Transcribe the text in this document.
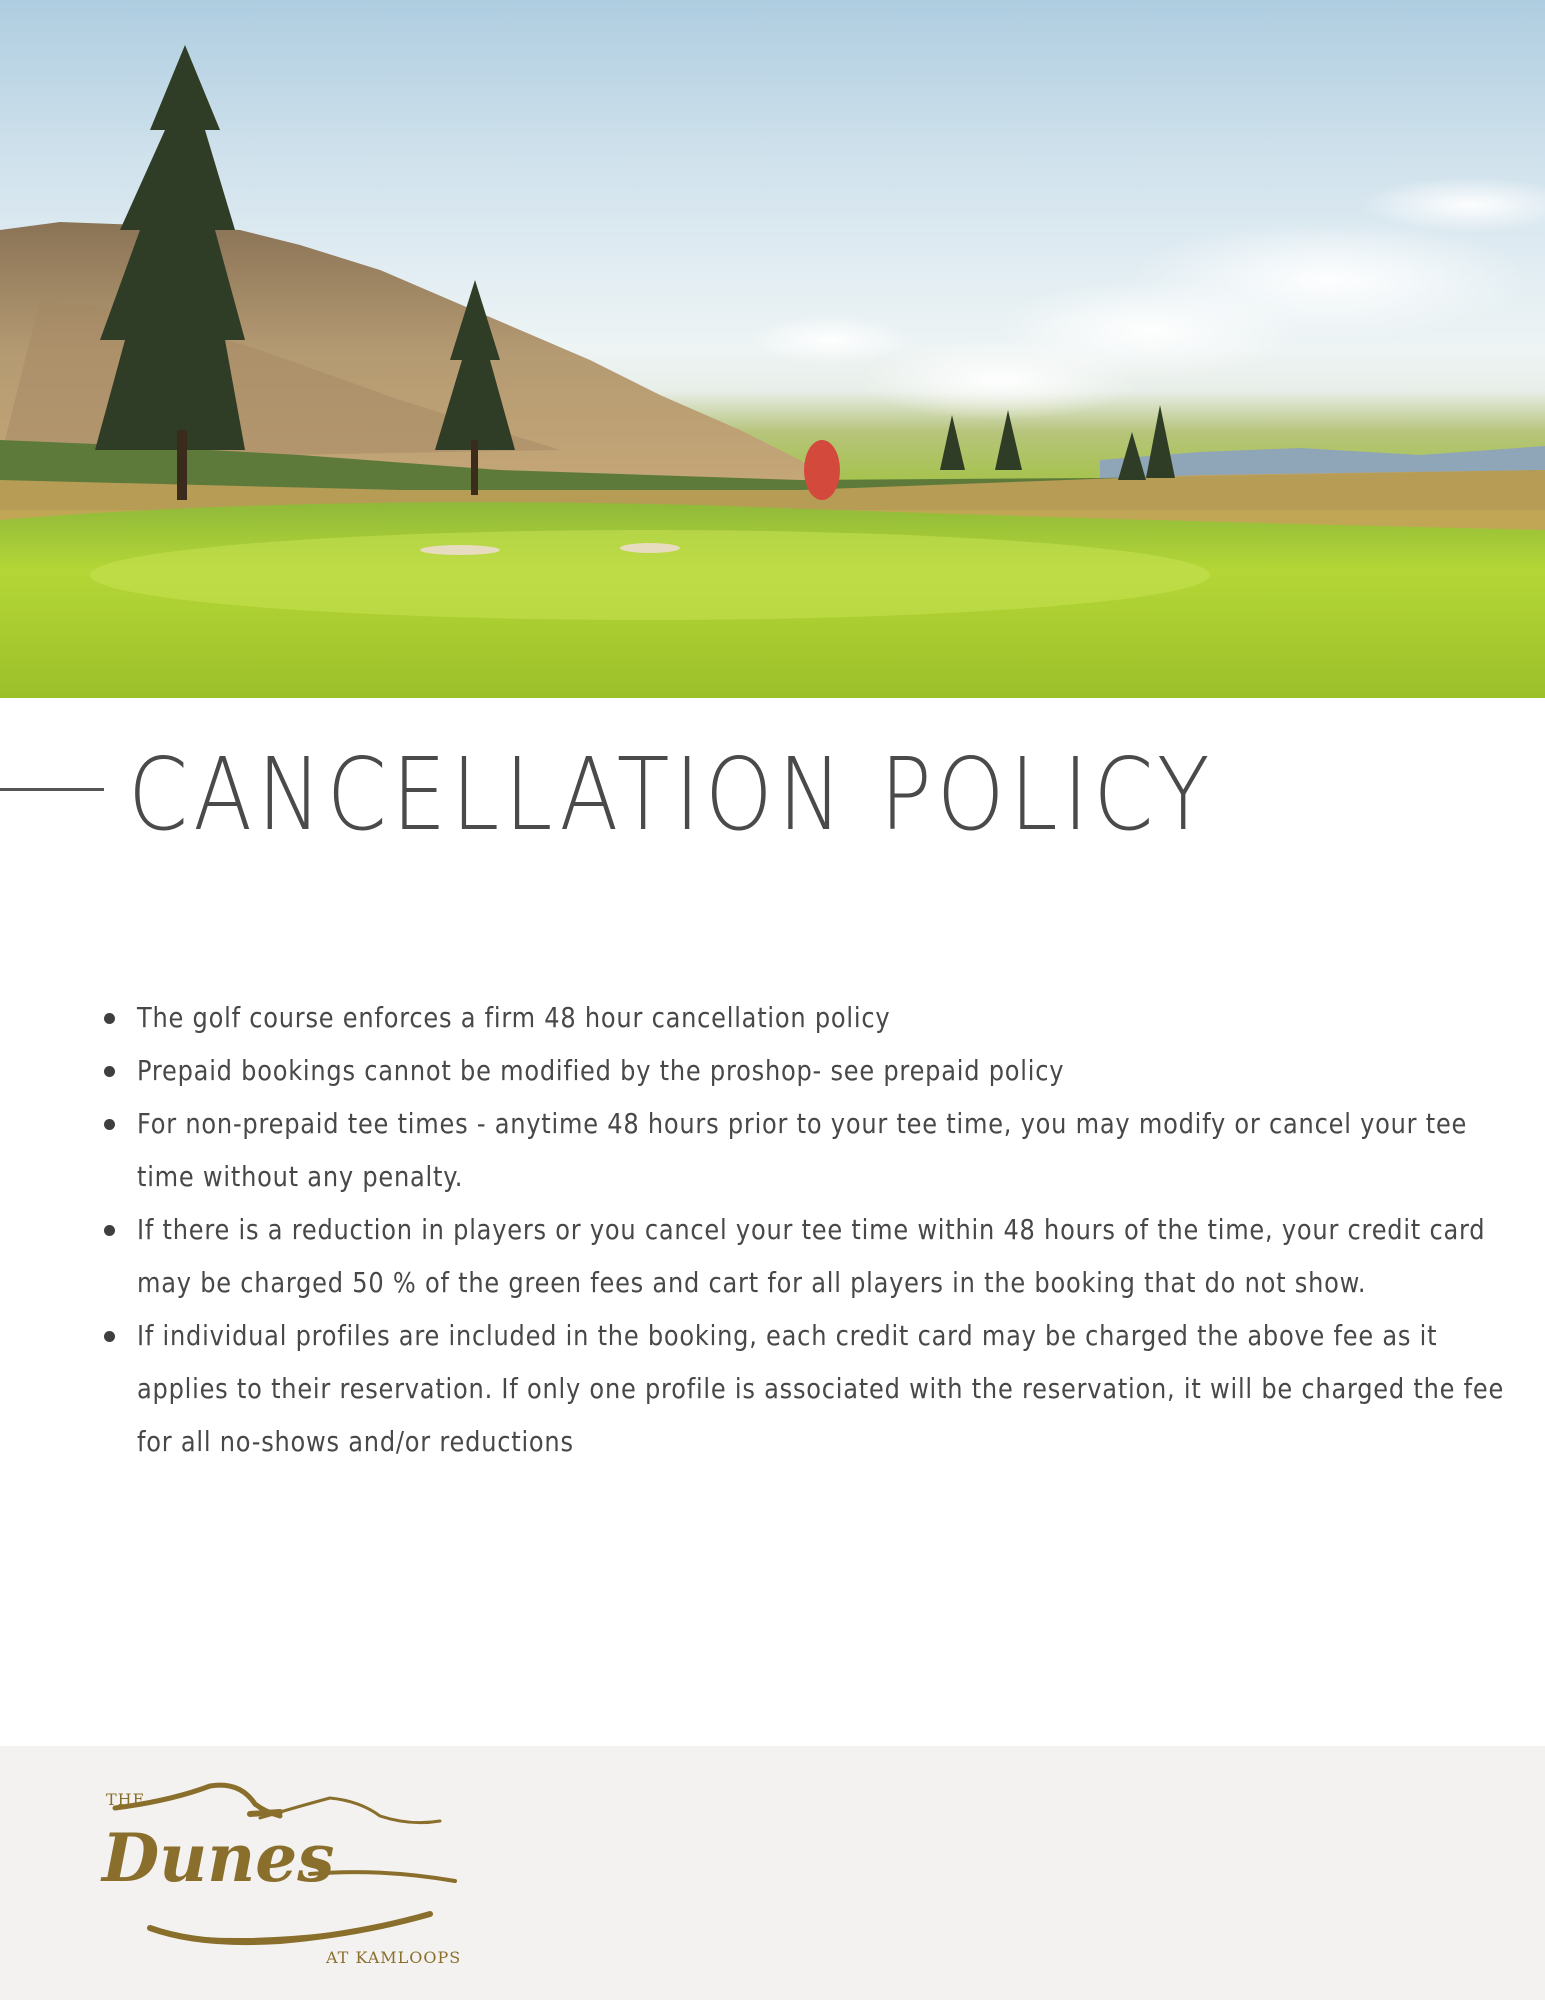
CANCELLATION POLICY
The golf course enforces a firm 48 hour cancellation policy
Prepaid bookings cannot be modified by the proshop- see prepaid policy
For non-prepaid tee times - anytime 48 hours prior to your tee time, you may modify or cancel your tee time without any penalty.
If there is a reduction in players or you cancel your tee time within 48 hours of the time, your credit card may be charged 50 % of the green fees and cart for all players in the booking that do not show.
If individual profiles are included in the booking, each credit card may be charged the above fee as it applies to their reservation. If only one profile is associated with the reservation, it will be charged the fee for all no-shows and/or reductions
Dunes
THE
AT KAMLOOPS
